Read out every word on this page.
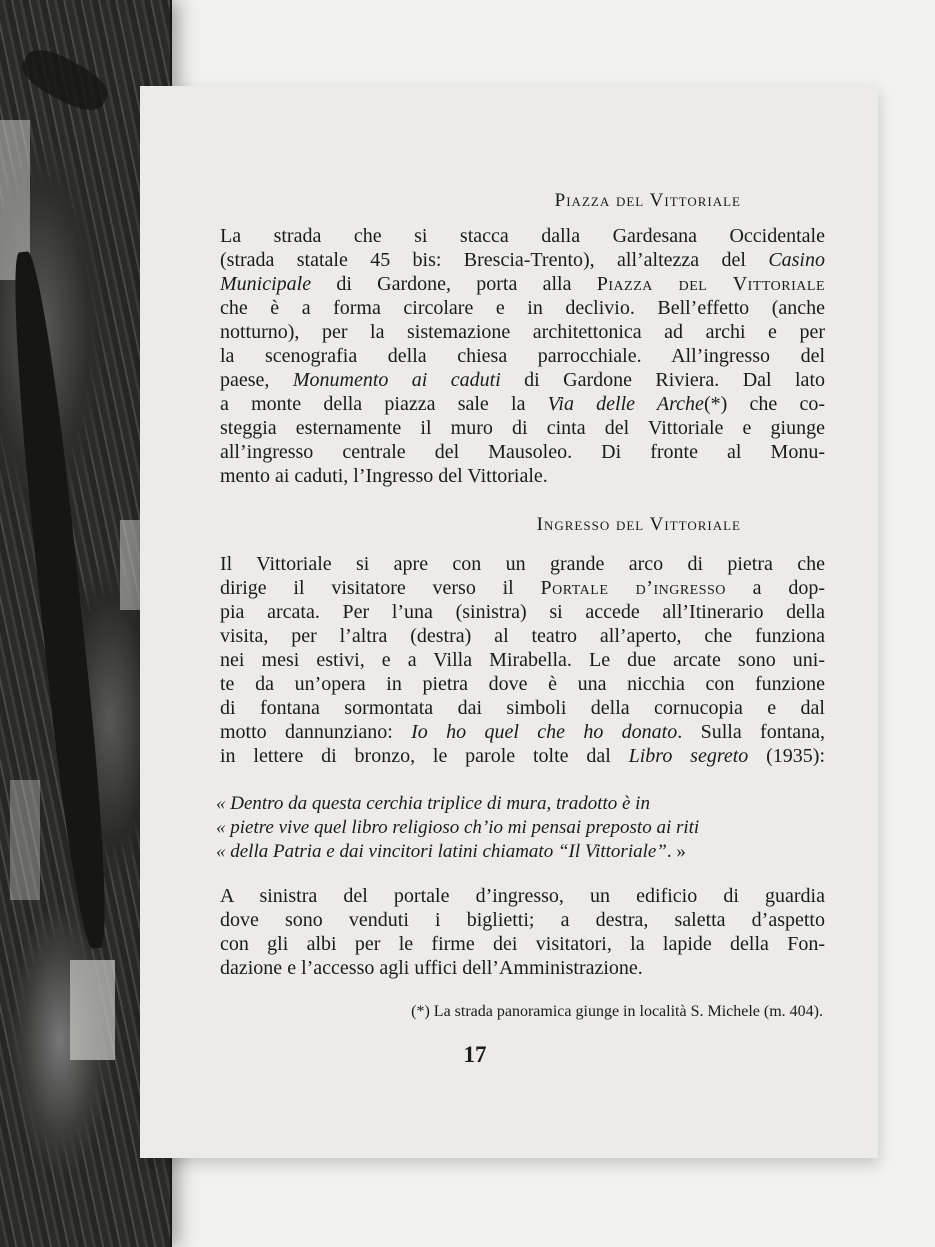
Piazza del Vittoriale
La strada che si stacca dalla Gardesana Occidentale
(strada statale 45 bis: Brescia-Trento), all’altezza del Casino
Municipale di Gardone, porta alla Piazza del Vittoriale
che è a forma circolare e in declivio. Bell’effetto (anche
notturno), per la sistemazione architettonica ad archi e per
la scenografia della chiesa parrocchiale. All’ingresso del
paese, Monumento ai caduti di Gardone Riviera. Dal lato
a monte della piazza sale la Via delle Arche(*) che co-
steggia esternamente il muro di cinta del Vittoriale e giunge
all’ingresso centrale del Mausoleo. Di fronte al Monu-
mento ai caduti, l’Ingresso del Vittoriale.
Ingresso del Vittoriale
Il Vittoriale si apre con un grande arco di pietra che
dirige il visitatore verso il Portale d’ingresso a dop-
pia arcata. Per l’una (sinistra) si accede all’Itinerario della
visita, per l’altra (destra) al teatro all’aperto, che funziona
nei mesi estivi, e a Villa Mirabella. Le due arcate sono uni-
te da un’opera in pietra dove è una nicchia con funzione
di fontana sormontata dai simboli della cornucopia e dal
motto dannunziano: Io ho quel che ho donato. Sulla fontana,
in lettere di bronzo, le parole tolte dal Libro segreto (1935):
« Dentro da questa cerchia triplice di mura, tradotto è in
« pietre vive quel libro religioso ch’io mi pensai preposto ai riti
« della Patria e dai vincitori latini chiamato “Il Vittoriale”. »
A sinistra del portale d’ingresso, un edificio di guardia
dove sono venduti i biglietti; a destra, saletta d’aspetto
con gli albi per le firme dei visitatori, la lapide della Fon-
dazione e l’accesso agli uffici dell’Amministrazione.
(*) La strada panoramica giunge in località S. Michele (m. 404).
17
